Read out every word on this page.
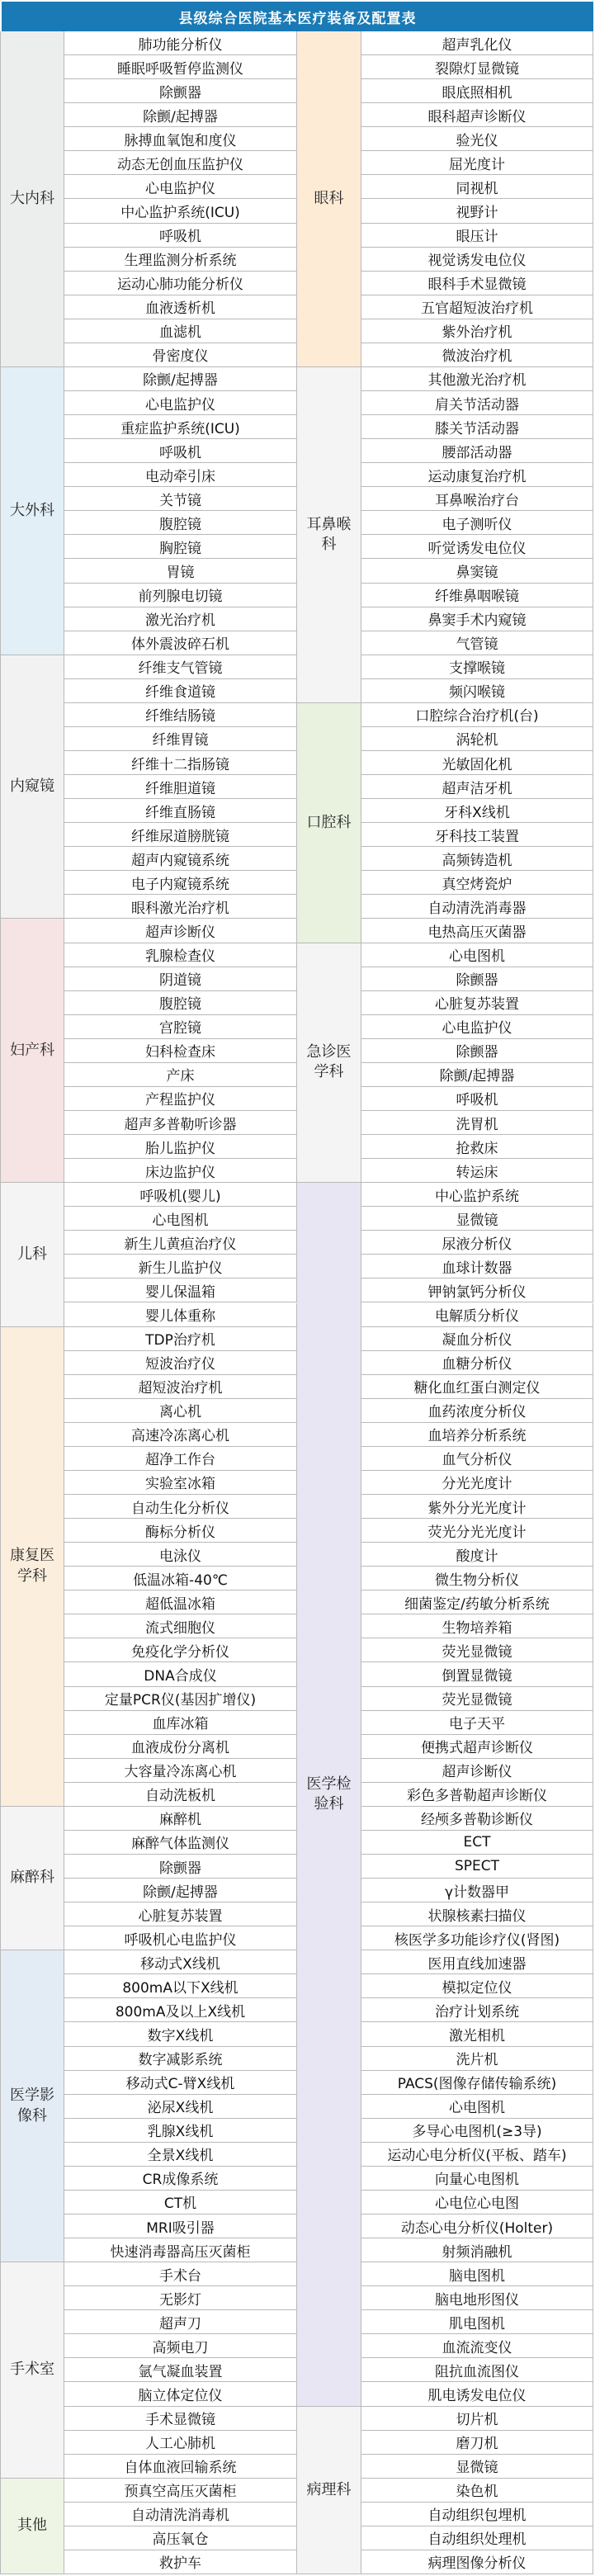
县级综合医院基本医疗装备及配置表
大内科
肺功能分析仪
睡眠呼吸暂停监测仪
除颤器
除颤/起搏器
脉搏血氧饱和度仪
动态无创血压监护仪
心电监护仪
中心监护系统(ICU)
呼吸机
生理监测分析系统
运动心肺功能分析仪
血液透析机
血滤机
骨密度仪
大外科
除颤/起搏器
心电监护仪
重症监护系统(ICU)
呼吸机
电动牵引床
关节镜
腹腔镜
胸腔镜
胃镜
前列腺电切镜
激光治疗机
体外震波碎石机
内窥镜
纤维支气管镜
纤维食道镜
纤维结肠镜
纤维胃镜
纤维十二指肠镜
纤维胆道镜
纤维直肠镜
纤维尿道膀胱镜
超声内窥镜系统
电子内窥镜系统
眼科激光治疗机
妇产科
超声诊断仪
乳腺检查仪
阴道镜
腹腔镜
宫腔镜
妇科检查床
产床
产程监护仪
超声多普勒听诊器
胎儿监护仪
床边监护仪
儿科
呼吸机(婴儿)
心电图机
新生儿黄疸治疗仪
新生儿监护仪
婴儿保温箱
婴儿体重称
康复医学科
TDP治疗机
短波治疗仪
超短波治疗机
离心机
高速冷冻离心机
超净工作台
实验室冰箱
自动生化分析仪
酶标分析仪
电泳仪
低温冰箱-40℃
超低温冰箱
流式细胞仪
免疫化学分析仪
DNA合成仪
定量PCR仪(基因扩增仪)
血库冰箱
血液成份分离机
大容量冷冻离心机
自动洗板机
麻醉科
麻醉机
麻醉气体监测仪
除颤器
除颤/起搏器
心脏复苏装置
呼吸机心电监护仪
医学影像科
移动式X线机
800mA以下X线机
800mA及以上X线机
数字X线机
数字减影系统
移动式C-臂X线机
泌尿X线机
乳腺X线机
全景X线机
CR成像系统
CT机
MRI吸引器
快速消毒器高压灭菌柜
手术室
手术台
无影灯
超声刀
高频电刀
氩气凝血装置
脑立体定位仪
手术显微镜
人工心肺机
自体血液回输系统
其他
预真空高压灭菌柜
自动清洗消毒机
高压氧仓
救护车
眼科
超声乳化仪
裂隙灯显微镜
眼底照相机
眼科超声诊断仪
验光仪
屈光度计
同视机
视野计
眼压计
视觉诱发电位仪
眼科手术显微镜
五官超短波治疗机
紫外治疗机
微波治疗机
耳鼻喉科
其他激光治疗机
肩关节活动器
膝关节活动器
腰部活动器
运动康复治疗机
耳鼻喉治疗台
电子测听仪
听觉诱发电位仪
鼻窦镜
纤维鼻咽喉镜
鼻窦手术内窥镜
气管镜
支撑喉镜
频闪喉镜
口腔科
口腔综合治疗机(台)
涡轮机
光敏固化机
超声洁牙机
牙科X线机
牙科技工装置
高频铸造机
真空烤瓷炉
自动清洗消毒器
电热高压灭菌器
急诊医学科
心电图机
除颤器
心脏复苏装置
心电监护仪
除颤器
除颤/起搏器
呼吸机
洗胃机
抢救床
转运床
医学检验科
中心监护系统
显微镜
尿液分析仪
血球计数器
钾钠氯钙分析仪
电解质分析仪
凝血分析仪
血糖分析仪
糖化血红蛋白测定仪
血药浓度分析仪
血培养分析系统
血气分析仪
分光光度计
紫外分光光度计
荧光分光光度计
酸度计
微生物分析仪
细菌鉴定/药敏分析系统
生物培养箱
荧光显微镜
倒置显微镜
荧光显微镜
电子天平
便携式超声诊断仪
超声诊断仪
彩色多普勒超声诊断仪
经颅多普勒诊断仪
ECT
SPECT
γ计数器甲
状腺核素扫描仪
核医学多功能诊疗仪(肾图)
医用直线加速器
模拟定位仪
治疗计划系统
激光相机
洗片机
PACS(图像存储传输系统)
心电图机
多导心电图机(≥3导)
运动心电分析仪(平板、踏车)
向量心电图机
心电位心电图
动态心电分析仪(Holter)
射频消融机
脑电图机
脑电地形图仪
肌电图机
血流流变仪
阻抗血流图仪
肌电诱发电位仪
病理科
切片机
磨刀机
显微镜
染色机
自动组织包埋机
自动组织处理机
病理图像分析仪
